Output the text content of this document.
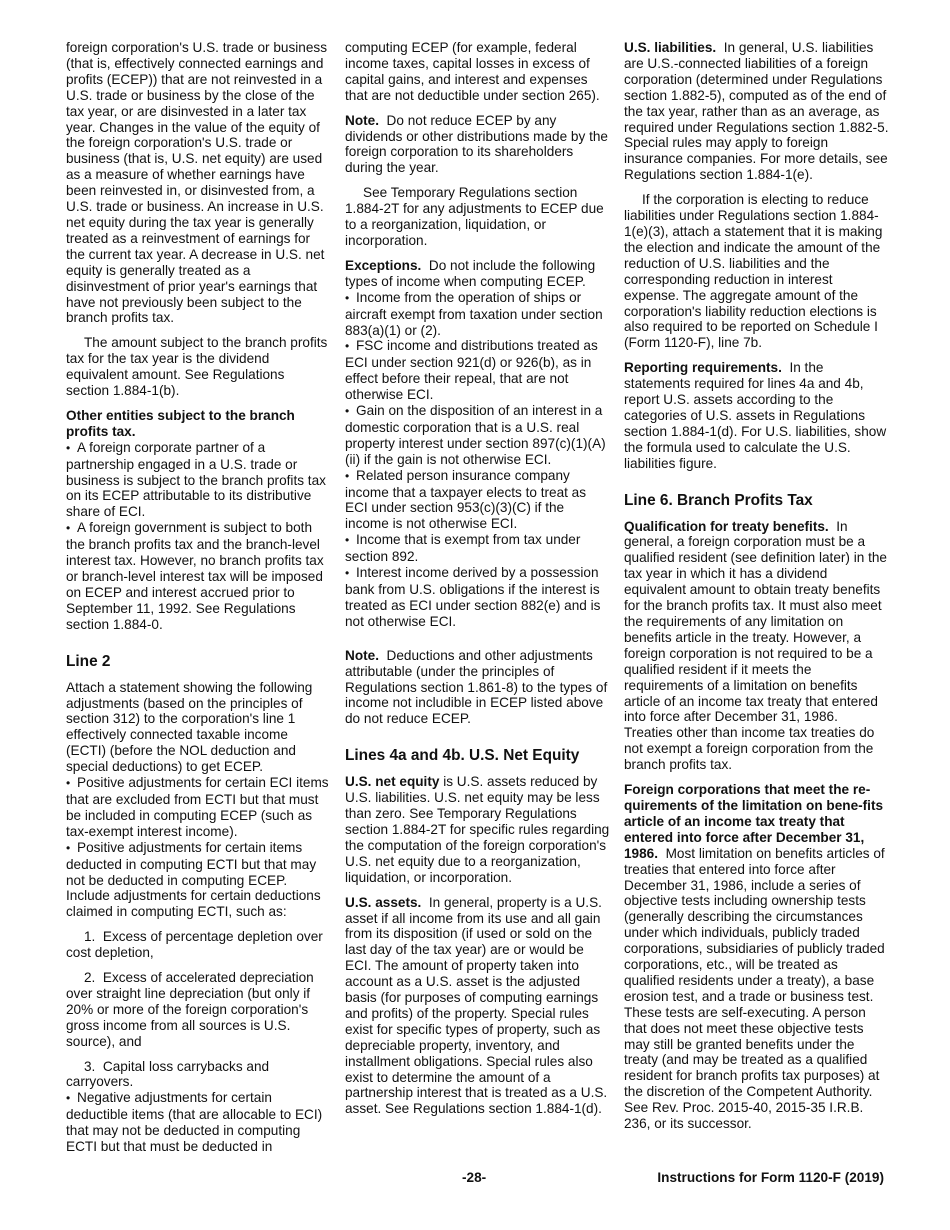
foreign corporation's U.S. trade or business (that is, effectively connected earnings and profits (ECEP)) that are not reinvested in a U.S. trade or business by the close of the tax year, or are disinvested in a later tax year. Changes in the value of the equity of the foreign corporation's U.S. trade or business (that is, U.S. net equity) are used as a measure of whether earnings have been reinvested in, or disinvested from, a U.S. trade or business. An increase in U.S. net equity during the tax year is generally treated as a reinvestment of earnings for the current tax year. A decrease in U.S. net equity is generally treated as a disinvestment of prior year's earnings that have not previously been subject to the branch profits tax.

The amount subject to the branch profits tax for the tax year is the dividend equivalent amount. See Regulations section 1.884-1(b).

Other entities subject to the branch profits tax.

• A foreign corporate partner of a partnership engaged in a U.S. trade or business is subject to the branch profits tax on its ECEP attributable to its distributive share of ECI.

• A foreign government is subject to both the branch profits tax and the branch-level interest tax. However, no branch profits tax or branch-level interest tax will be imposed on ECEP and interest accrued prior to September 11, 1992. See Regulations section 1.884-0.

Line 2

Attach a statement showing the following adjustments (based on the principles of section 312) to the corporation's line 1 effectively connected taxable income (ECTI) (before the NOL deduction and special deductions) to get ECEP.

• Positive adjustments for certain ECI items that are excluded from ECTI but that must be included in computing ECEP (such as tax-exempt interest income).

• Positive adjustments for certain items deducted in computing ECTI but that may not be deducted in computing ECEP. Include adjustments for certain deductions claimed in computing ECTI, such as:

1.  Excess of percentage depletion over cost depletion,

2.  Excess of accelerated depreciation over straight line depreciation (but only if 20% or more of the foreign corporation's gross income from all sources is U.S. source), and

3.  Capital loss carrybacks and carryovers.

• Negative adjustments for certain deductible items (that are allocable to ECI) that may not be deducted in computing ECTI but that must be deducted in

computing ECEP (for example, federal income taxes, capital losses in excess of capital gains, and interest and expenses that are not deductible under section 265).

Note. Do not reduce ECEP by any dividends or other distributions made by the foreign corporation to its shareholders during the year.

See Temporary Regulations section 1.884-2T for any adjustments to ECEP due to a reorganization, liquidation, or incorporation.

Exceptions. Do not include the following types of income when computing ECEP.

• Income from the operation of ships or aircraft exempt from taxation under section 883(a)(1) or (2).

• FSC income and distributions treated as ECI under section 921(d) or 926(b), as in effect before their repeal, that are not otherwise ECI.

• Gain on the disposition of an interest in a domestic corporation that is a U.S. real property interest under section 897(c)(1)(A)(ii) if the gain is not otherwise ECI.

• Related person insurance company income that a taxpayer elects to treat as ECI under section 953(c)(3)(C) if the income is not otherwise ECI.

• Income that is exempt from tax under section 892.

• Interest income derived by a possession bank from U.S. obligations if the interest is treated as ECI under section 882(e) and is not otherwise ECI.

Note. Deductions and other adjustments attributable (under the principles of Regulations section 1.861-8) to the types of income not includible in ECEP listed above do not reduce ECEP.

Lines 4a and 4b. U.S. Net Equity

U.S. net equity is U.S. assets reduced by U.S. liabilities. U.S. net equity may be less than zero. See Temporary Regulations section 1.884-2T for specific rules regarding the computation of the foreign corporation's U.S. net equity due to a reorganization, liquidation, or incorporation.

U.S. assets. In general, property is a U.S. asset if all income from its use and all gain from its disposition (if used or sold on the last day of the tax year) are or would be ECI. The amount of property taken into account as a U.S. asset is the adjusted basis (for purposes of computing earnings and profits) of the property. Special rules exist for specific types of property, such as depreciable property, inventory, and installment obligations. Special rules also exist to determine the amount of a partnership interest that is treated as a U.S. asset. See Regulations section 1.884-1(d).

U.S. liabilities. In general, U.S. liabilities are U.S.-connected liabilities of a foreign corporation (determined under Regulations section 1.882-5), computed as of the end of the tax year, rather than as an average, as required under Regulations section 1.882-5. Special rules may apply to foreign insurance companies. For more details, see Regulations section 1.884-1(e).

If the corporation is electing to reduce liabilities under Regulations section 1.884-1(e)(3), attach a statement that it is making the election and indicate the amount of the reduction of U.S. liabilities and the corresponding reduction in interest expense. The aggregate amount of the corporation's liability reduction elections is also required to be reported on Schedule I (Form 1120-F), line 7b.

Reporting requirements. In the statements required for lines 4a and 4b, report U.S. assets according to the categories of U.S. assets in Regulations section 1.884-1(d). For U.S. liabilities, show the formula used to calculate the U.S. liabilities figure.

Line 6. Branch Profits Tax

Qualification for treaty benefits. In general, a foreign corporation must be a qualified resident (see definition later) in the tax year in which it has a dividend equivalent amount to obtain treaty benefits for the branch profits tax. It must also meet the requirements of any limitation on benefits article in the treaty. However, a foreign corporation is not required to be a qualified resident if it meets the requirements of a limitation on benefits article of an income tax treaty that entered into force after December 31, 1986. Treaties other than income tax treaties do not exempt a foreign corporation from the branch profits tax.

Foreign corporations that meet the re-quirements of the limitation on bene-fits article of an income tax treaty that entered into force after December 31, 1986. Most limitation on benefits articles of treaties that entered into force after December 31, 1986, include a series of objective tests including ownership tests (generally describing the circumstances under which individuals, publicly traded corporations, subsidiaries of publicly traded corporations, etc., will be treated as qualified residents under a treaty), a base erosion test, and a trade or business test. These tests are self-executing. A person that does not meet these objective tests may still be granted benefits under the treaty (and may be treated as a qualified resident for branch profits tax purposes) at the discretion of the Competent Authority. See Rev. Proc. 2015-40, 2015-35 I.R.B. 236, or its successor.

-28-	Instructions for Form 1120-F (2019)
